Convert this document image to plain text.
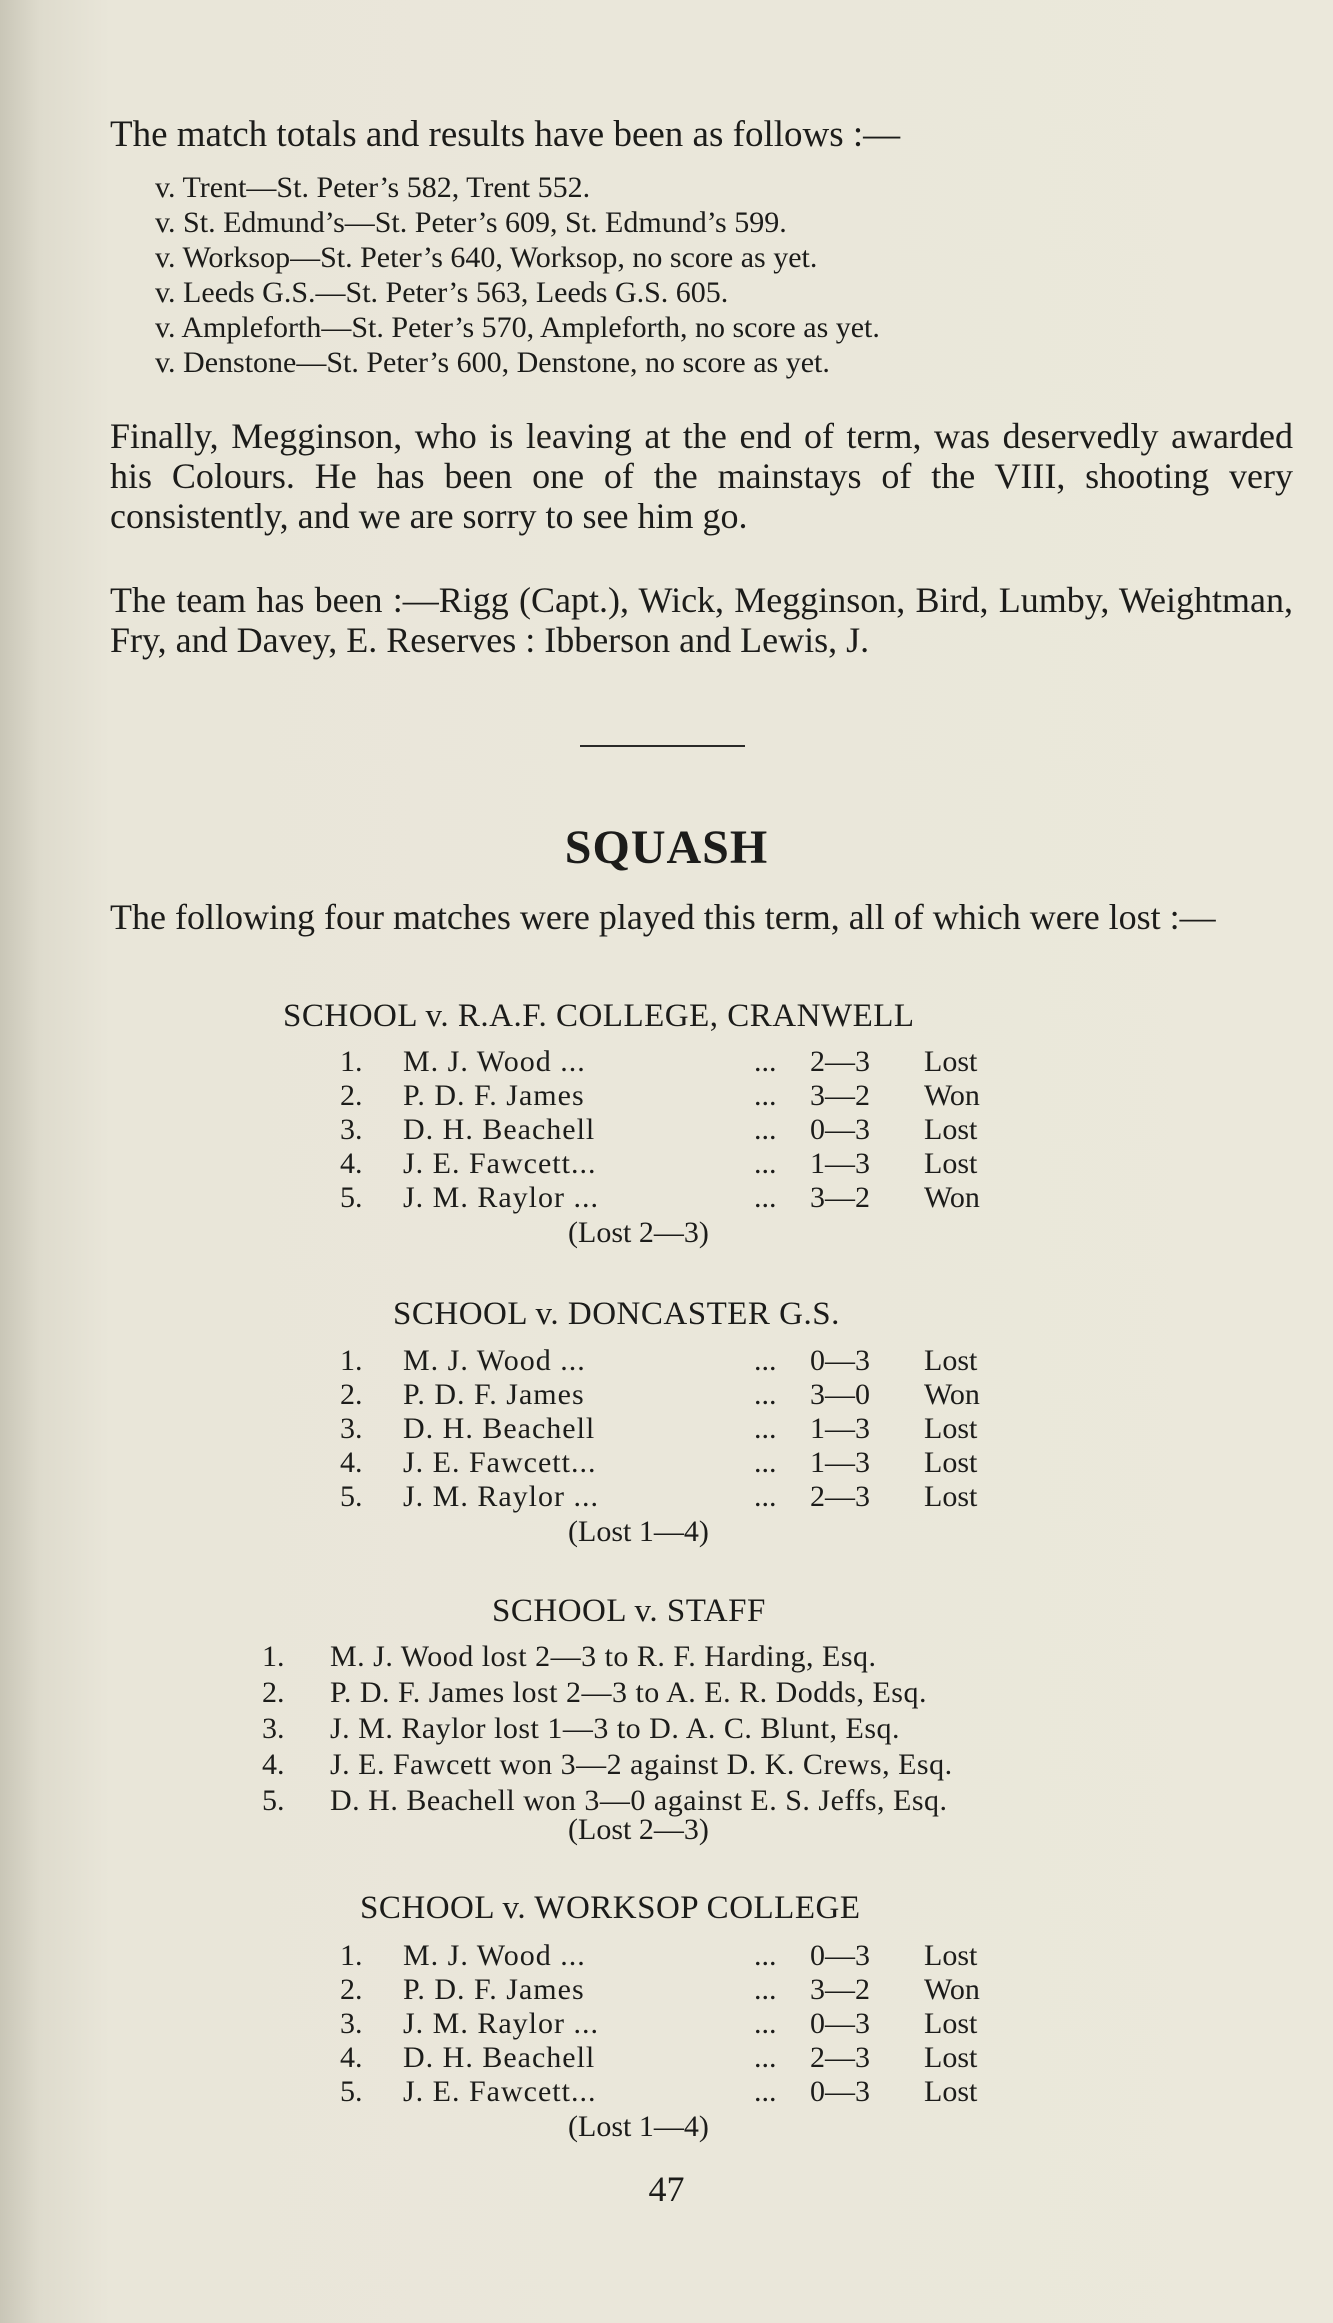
The match totals and results have been as follows :—
v. Trent—St. Peter’s 582, Trent 552.
v. St. Edmund’s—St. Peter’s 609, St. Edmund’s 599.
v. Worksop—St. Peter’s 640, Worksop, no score as yet.
v. Leeds G.S.—St. Peter’s 563, Leeds G.S. 605.
v. Ampleforth—St. Peter’s 570, Ampleforth, no score as yet.
v. Denstone—St. Peter’s 600, Denstone, no score as yet.

Finally, Megginson, who is leaving at the end of term, was deservedly awarded his Colours. He has been one of the mainstays of the VIII, shooting very consistently, and we are sorry to see him go.

The team has been :—Rigg (Capt.), Wick, Megginson, Bird, Lumby, Weightman, Fry, and Davey, E. Reserves : Ibberson and Lewis, J.

SQUASH

The following four matches were played this term, all of which were lost :—

SCHOOL v. R.A.F. COLLEGE, CRANWELL
1. M. J. Wood ...	... 2—3 Lost
2. P. D. F. James	... 3—2 Won
3. D. H. Beachell	... 0—3 Lost
4. J. E. Fawcett...	... 1—3 Lost
5. J. M. Raylor ...	... 3—2 Won
(Lost 2—3)
SCHOOL v. DONCASTER G.S.
1. M. J. Wood ...	... 0—3 Lost
2. P. D. F. James	... 3—0 Won
3. D. H. Beachell	... 1—3 Lost
4. J. E. Fawcett...	... 1—3 Lost
5. J. M. Raylor ...	... 2—3 Lost
(Lost 1—4)
SCHOOL v. STAFF
1. M. J. Wood lost 2—3 to R. F. Harding, Esq.
2. P. D. F. James lost 2—3 to A. E. R. Dodds, Esq.
3. J. M. Raylor lost 1—3 to D. A. C. Blunt, Esq.
4. J. E. Fawcett won 3—2 against D. K. Crews, Esq.
5. D. H. Beachell won 3—0 against E. S. Jeffs, Esq.
(Lost 2—3)
SCHOOL v. WORKSOP COLLEGE
1. M. J. Wood ...	... 0—3 Lost
2. P. D. F. James	... 3—2 Won
3. J. M. Raylor ...	... 0—3 Lost
4. D. H. Beachell	... 2—3 Lost
5. J. E. Fawcett...	... 0—3 Lost
(Lost 1—4)
47
